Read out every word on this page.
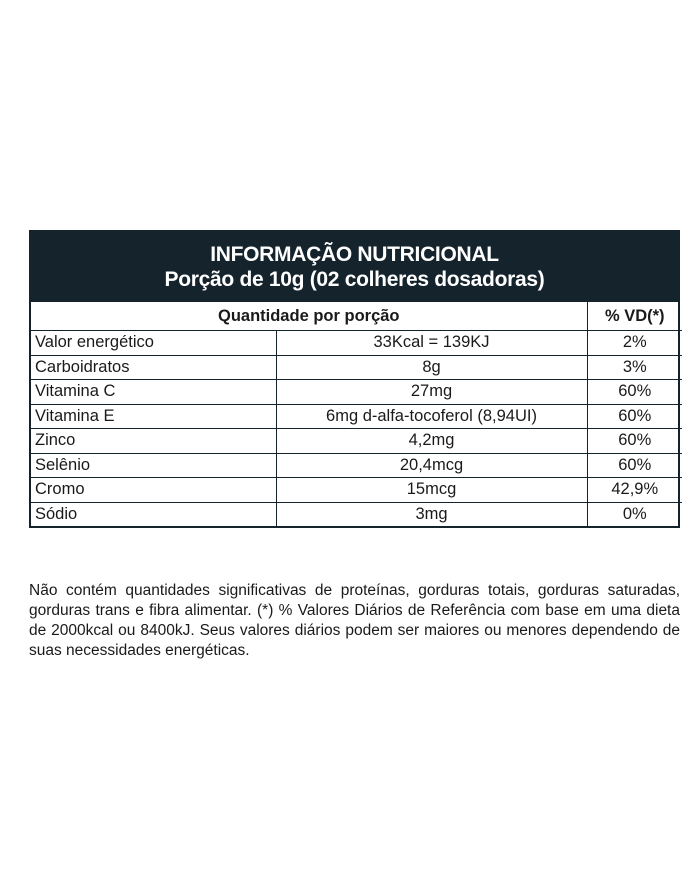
INFORMAÇÃO NUTRICIONAL
Porção de 10g (02 colheres dosadoras)
Quantidade por porção		% VD(*)
Valor energético	33Kcal = 139KJ	2%
Carboidratos	8g	3%
Vitamina C	27mg	60%
Vitamina E	6mg d-alfa-tocoferol (8,94UI)	60%
Zinco	4,2mg	60%
Selênio	20,4mcg	60%
Cromo	15mcg	42,9%
Sódio	3mg	0%

Não contém quantidades significativas de proteínas, gorduras totais, gorduras saturadas, gorduras trans e fibra alimentar. (*) % Valores Diários de Referência com base em uma dieta de 2000kcal ou 8400kJ. Seus valores diários podem ser maiores ou menores dependendo de suas necessidades energéticas.
